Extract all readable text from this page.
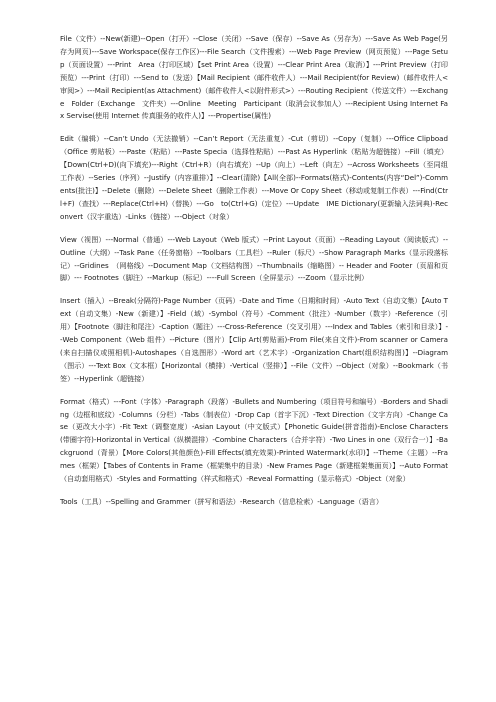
File（文件）--New(新建)--Open（打开）--Close（关闭）--Save（保存）--Save As（另存为）---Save As Web Page(另存为网页)---Save Workspace(保存工作区)---File Search（文件搜索）---Web Page Preview（网页预览）---Page Setup（页面设置）---Print　Area（打印区域）【set Print Area（设置）---Clear Print Area（取消）】---Print Preview（打印预览）---Print（打印）---Send to（发送）【Mail Recipient（邮件收件人）---Mail Recipient(for Review)（邮件收件人<审阅>）---Mail Recipient(as Attachment)（邮件收件人<以附件形式>）---Routing Recipient（传送文件）---Exchange　Folder（Exchange　文件夹）---Online　Meeting　Participant（取消会议参加人）---Recipient Using Internet Fax Servise(使用 Internet 传真服务的收件人)】---Propertise(属性)

Edit（编辑）--Can’t Undo（无法撤销）--Can’t Report（无法重复）-Cut（剪切）--Copy（复制）---Office Clipboad（Office 剪贴板）---Paste（粘贴）---Paste Specia（选择性粘贴）---Past As Hyperlink（粘贴为超链接）--Fill（填充）【Down(Ctrl+D)(向下填充)---Right（Ctrl+R）（向右填充）--Up（向上）--Left（向左）--Across Worksheets（至同组工作表）--Series（序列）--Justify（内容重排）】--Clear(清除)【All(全部)--Formats(格式)-Contents(内容“Del”)-Comments(批注)】--Delete（删除）---Delete Sheet（删除工作表）---Move Or Copy Sheet（移动或复制工作表）---Find(Ctrl+F)（查找）---Replace(Ctrl+H)（替换）---Go　to(Ctrl+G)（定位）---Update　IME Dictionary(更新输入法词典)-Reconvert（汉字重选）-Links（链接）---Object（对象）

View（视图）---Normal（普通）---Web Layout（Web 版式）--Print Layout（页面）--Reading Layout（阅读版式）--Outline（大纲）--Task Pane（任务窗格）--Toolbars（工具栏）--Ruler（标尺）--Show Paragraph Marks（显示段落标记）--Gridines　（网格线）--Document Map（文档结构图）--Thumbnails（缩略图）-- Header and Footer（页眉和页脚）--- Footnotes（脚注）--Markup（标记）----Full Screen（全屏显示）---Zoom（显示比例）

Insert（插入）--Break(分隔符)-Page Number（页码）-Date and Time（日期和时间）-Auto Text（自动文集）【Auto Text（自动文集）-New（新建）】-Field（域）-Symbol（符号）-Comment（批注）-Number（数字）-Reference（引用）【Footnote（脚注和尾注）-Caption（题注）---Cross-Reference（交叉引用）---Index and Tables（索引和目录）】--Web Component（Web 组件）--Picture（图片）【Clip Art(剪贴画)-From File(来自文件)-From scanner or Camera(来自扫描仪或照相机)-Autoshapes（自选图形）-Word art（艺术字）-Organization Chart(组织结构图)】--Diagram（图示）---Text Box（文本框）【Horizontal（横排）-Vertical（竖排）】--File（文件）--Object（对象）--Bookmark（书签）--Hyperlink（超链接）

Format（格式）---Font（字体）-Paragraph（段落）-Bullets and Numbering（项目符号和编号）-Borders and Shading（边框和底纹）-Columns（分栏）-Tabs（制表位）-Drop Cap（首字下沉）-Text Direction（文字方向）-Change Case（更改大小字）-Fit Text（调整宽度）-Asian Layout（中文版式）【Phonetic Guide(拼音指南)-Enclose Characters(带圈字符)-Horizontal in Vertical（纵横混排）-Combine Characters（合并字符）-Two Lines in one（双行合一）】-Backgruond（背景）【More Colors(其他颜色)-Fill Effects(填充效果)-Printed Watermark(水印)】--Theme（主题）--Frames（框架）【Tabes of Contents in Frame（框架集中的目录）-New Frames Page（新建框架集面页）】--Auto Format（自动套用格式）-Styles and Formatting（样式和格式）-Reveal Formatting（显示格式）-Object（对象）

Tools（工具）--Spelling and Grammer（拼写和语法）-Research（信息检索）-Language（语言）
